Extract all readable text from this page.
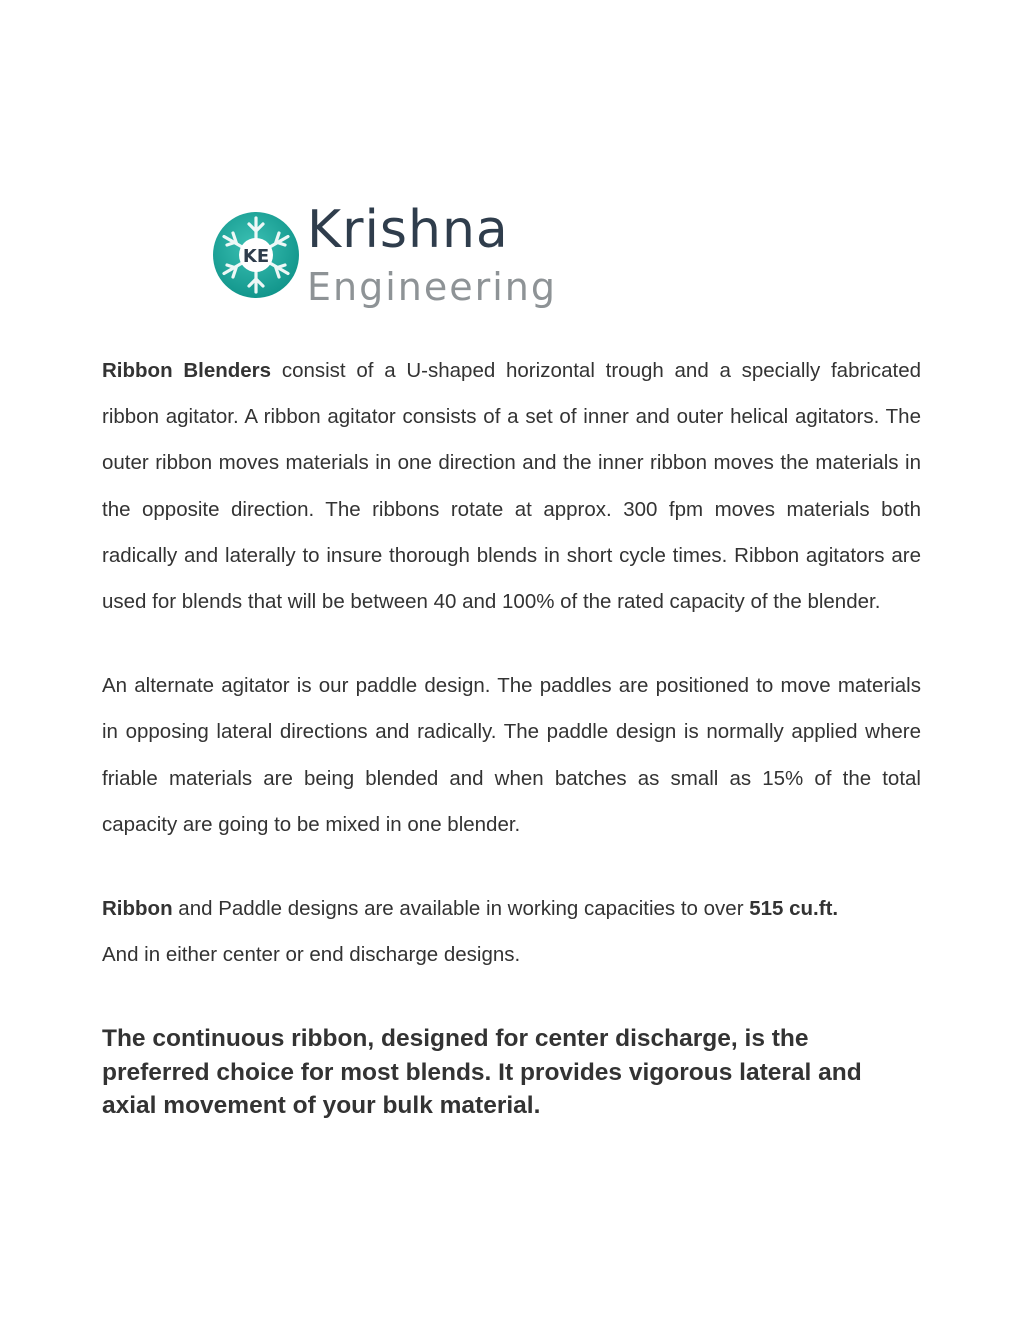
KE Krishna
Engineering

Ribbon Blenders consist of a U-shaped horizontal trough and a specially fabricated ribbon agitator. A ribbon agitator consists of a set of inner and outer helical agitators. The outer ribbon moves materials in one direction and the inner ribbon moves the materials in the opposite direction. The ribbons rotate at approx. 300 fpm moves materials both radically and laterally to insure thorough blends in short cycle times. Ribbon agitators are used for blends that will be between 40 and 100% of the rated capacity of the blender.

An alternate agitator is our paddle design. The paddles are positioned to move materials in opposing lateral directions and radically. The paddle design is normally applied where friable materials are being blended and when batches as small as 15% of the total capacity are going to be mixed in one blender.

Ribbon and Paddle designs are available in working capacities to over 515 cu.ft.
And in either center or end discharge designs.

The continuous ribbon, designed for center discharge, is the preferred choice for most blends. It provides vigorous lateral and axial movement of your bulk material.
